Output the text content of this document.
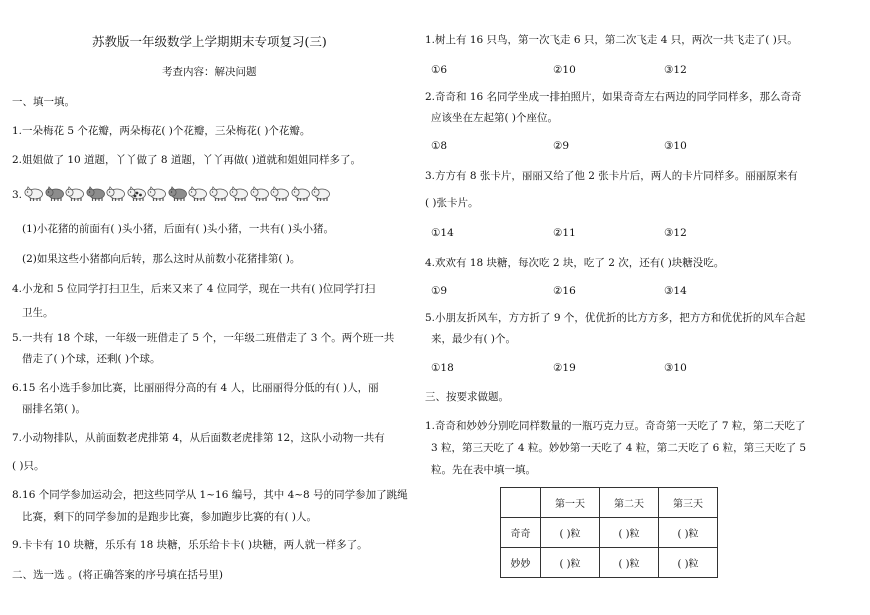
苏教版一年级数学上学期期末专项复习(三)
考查内容：解决问题
一、填一填。
1.一朵梅花 5 个花瓣，两朵梅花( )个花瓣，三朵梅花( )个花瓣。
2.姐姐做了 10 道题，丫丫做了 8 道题，丫丫再做( )道就和姐姐同样多了。
3.
(1)小花猪的前面有( )头小猪，后面有( )头小猪，一共有( )头小猪。
(2)如果这些小猪都向后转，那么这时从前数小花猪排第( )。
4.小龙和 5 位同学打扫卫生，后来又来了 4 位同学，现在一共有( )位同学打扫
卫生。
5.一共有 18 个球，一年级一班借走了 5 个，一年级二班借走了 3 个。两个班一共
借走了( )个球，还剩( )个球。
6.15 名小选手参加比赛，比丽丽得分高的有 4 人，比丽丽得分低的有( )人，丽
丽排名第( )。
7.小动物排队，从前面数老虎排第 4，从后面数老虎排第 12，这队小动物一共有
( )只。
8.16 个同学参加运动会，把这些同学从 1~16 编号，其中 4~8 号的同学参加了跳绳
比赛，剩下的同学参加的是跑步比赛，参加跑步比赛的有( )人。
9.卡卡有 10 块糖，乐乐有 18 块糖，乐乐给卡卡( )块糖，两人就一样多了。
二、选一选 。(将正确答案的序号填在括号里)
1.树上有 16 只鸟，第一次飞走 6 只，第二次飞走 4 只，两次一共飞走了( )只。
①6	②10	③12
2.奇奇和 16 名同学坐成一排拍照片，如果奇奇左右两边的同学同样多，那么奇奇
应该坐在左起第( )个座位。
①8	②9	③10
3.方方有 8 张卡片，丽丽又给了他 2 张卡片后，两人的卡片同样多。丽丽原来有
( )张卡片。
①14	②11	③12
4.欢欢有 18 块糖，每次吃 2 块，吃了 2 次，还有( )块糖没吃。
①9	②16	③14
5.小朋友折风车，方方折了 9 个，优优折的比方方多，把方方和优优折的风车合起
来，最少有( )个。
①18	②19	③10
三、按要求做题。
1.奇奇和妙妙分别吃同样数量的一瓶巧克力豆。奇奇第一天吃了 7 粒，第二天吃了
3 粒，第三天吃了 4 粒。妙妙第一天吃了 4 粒，第二天吃了 6 粒，第三天吃了 5
粒。先在表中填一填。
	第一天	第二天	第三天
奇奇	( )粒	( )粒	( )粒
妙妙	( )粒	( )粒	( )粒
